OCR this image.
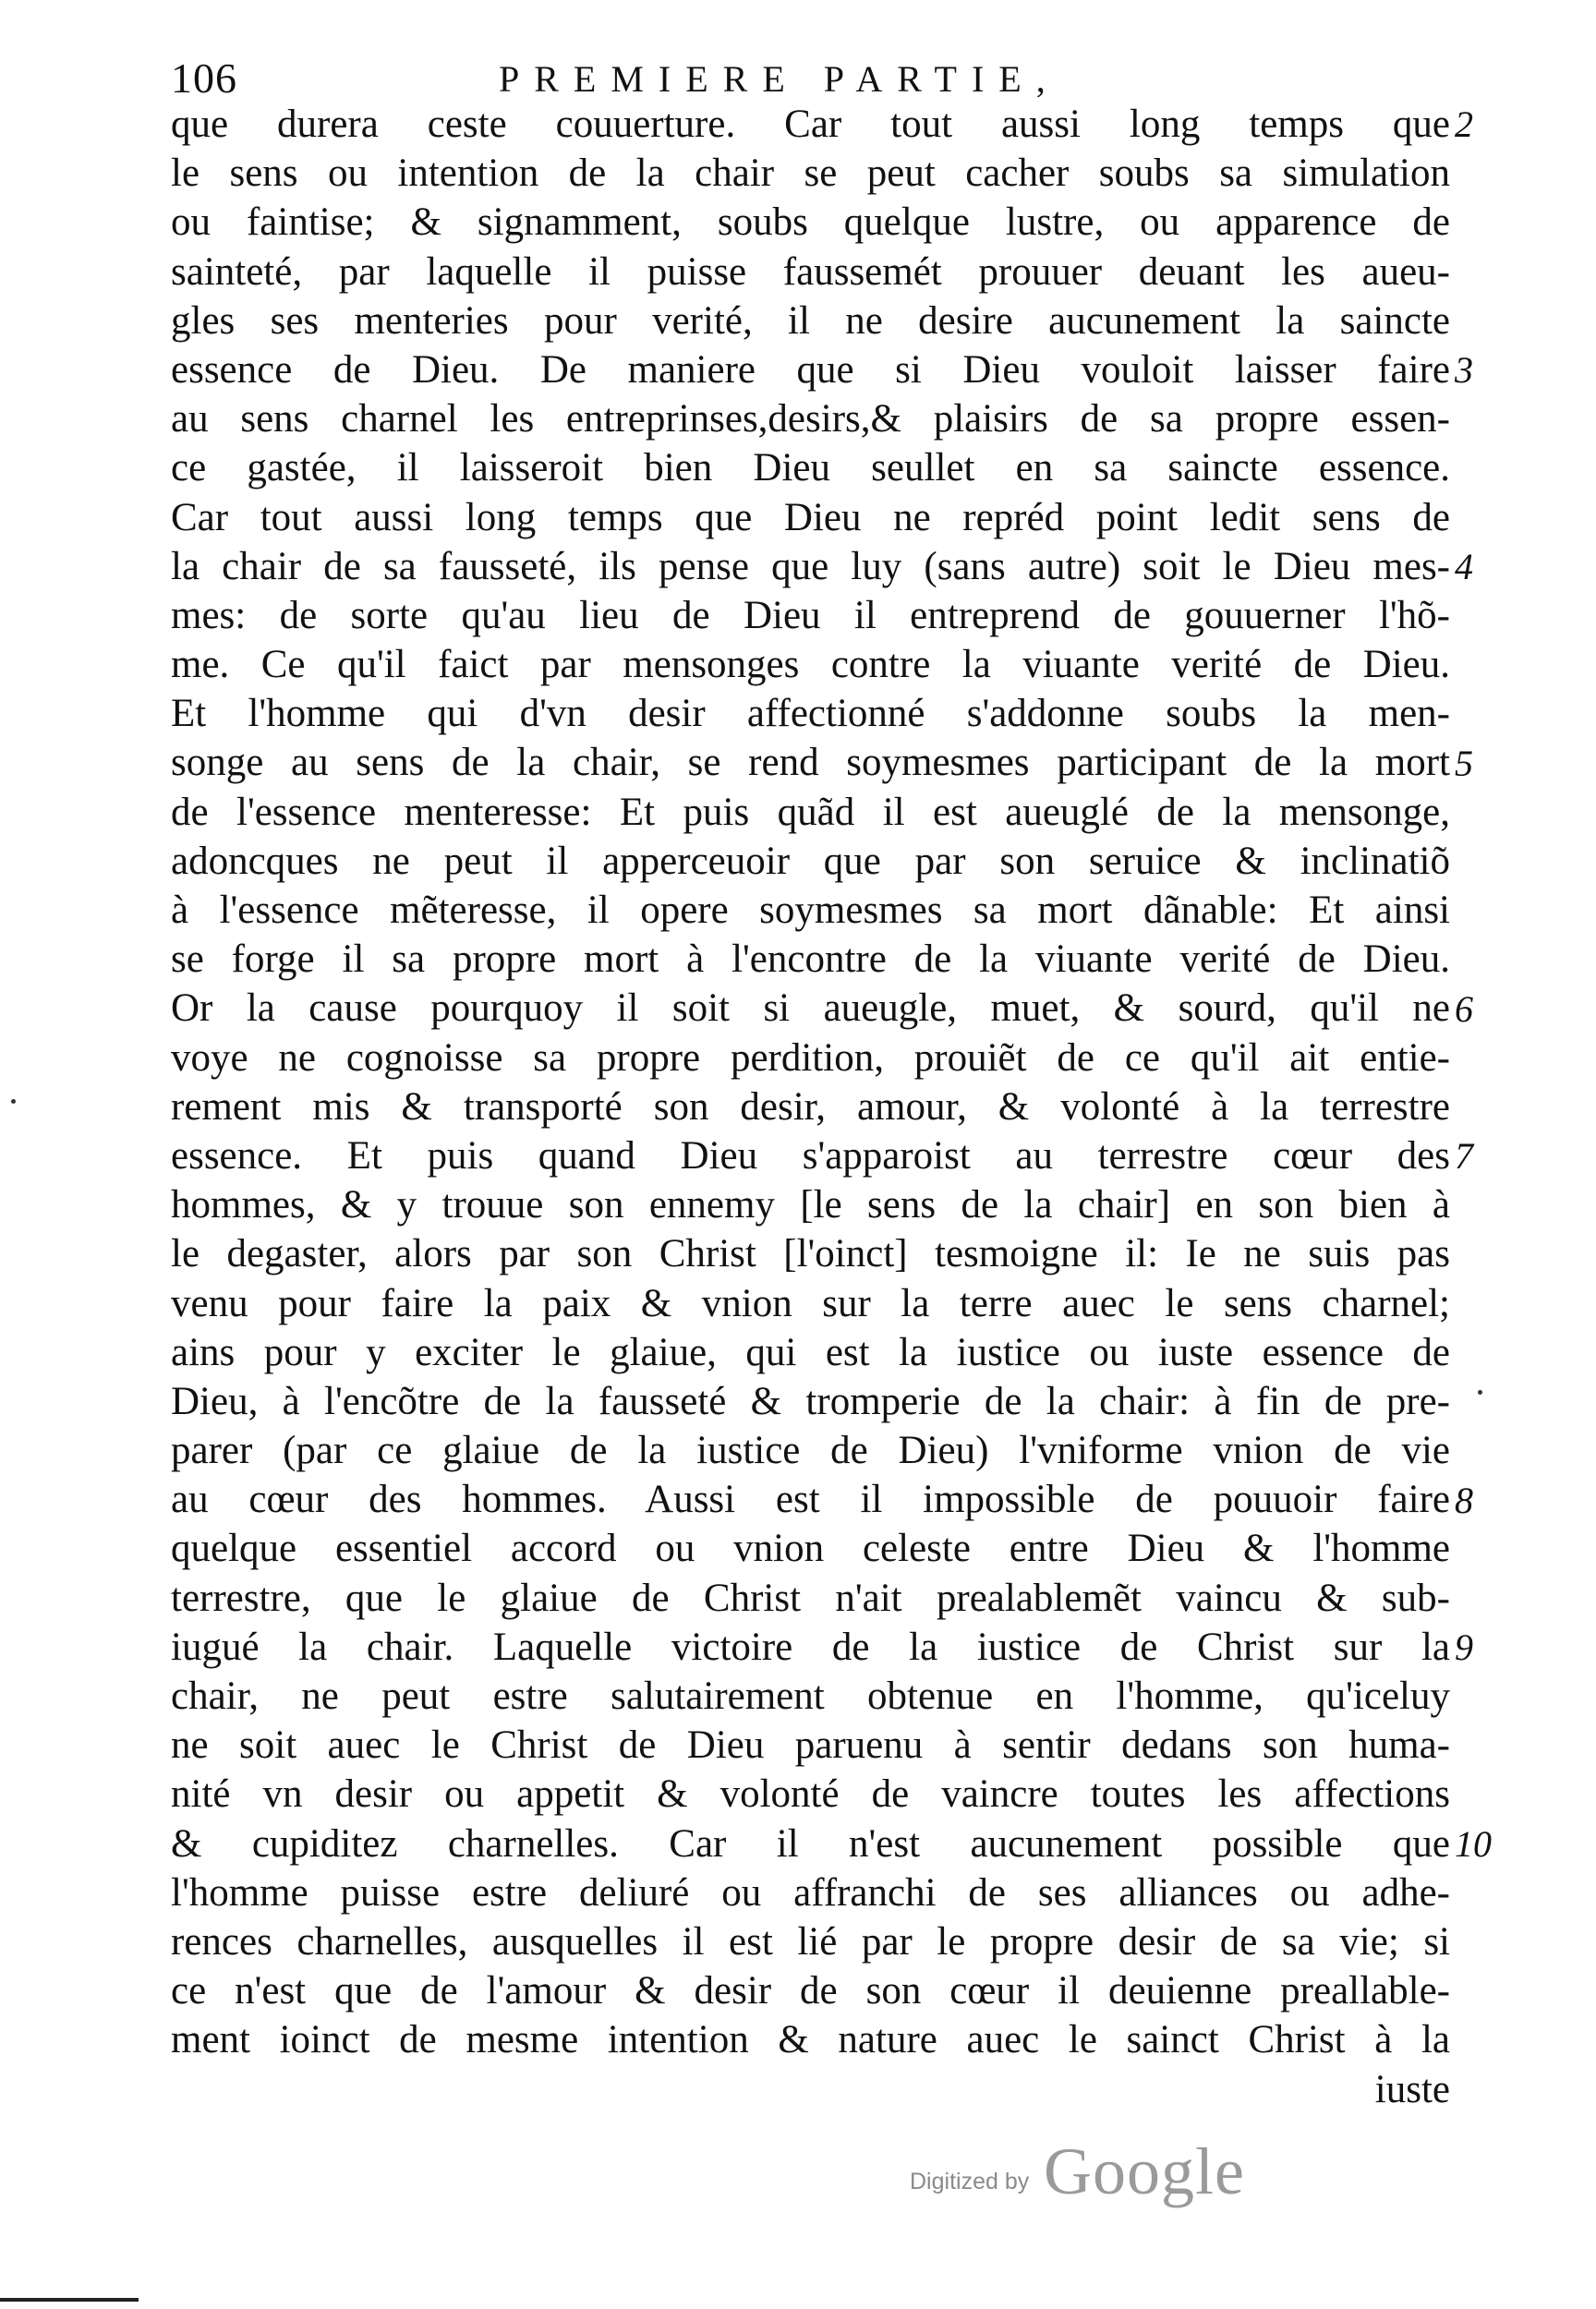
106	PREMIERE PARTIE,
que durera ceste couuerture. Car tout aussi long temps que
le sens ou intention de la chair se peut cacher soubs sa simulation
ou faintise; & signamment, soubs quelque lustre, ou apparence de
sainteté, par laquelle il puisse faussemét prouuer deuant les aueu-
gles ses menteries pour verité, il ne desire aucunement la saincte
essence de Dieu. De maniere que si Dieu vouloit laisser faire
au sens charnel les entreprinses,desirs,& plaisirs de sa propre essen-
ce gastée, il laisseroit bien Dieu seullet en sa saincte essence.
Car tout aussi long temps que Dieu ne repréd point ledit sens de
la chair de sa fausseté, ils pense que luy (sans autre) soit le Dieu mes-
mes: de sorte qu'au lieu de Dieu il entreprend de gouuerner l'hõ-
me. Ce qu'il faict par mensonges contre la viuante verité de Dieu.
Et l'homme qui d'vn desir affectionné s'addonne soubs la men-
songe au sens de la chair, se rend soymesmes participant de la mort
de l'essence menteresse: Et puis quãd il est aueuglé de la mensonge,
adoncques ne peut il apperceuoir que par son seruice & inclinatiõ
à l'essence mẽteresse, il opere soymesmes sa mort dãnable: Et ainsi
se forge il sa propre mort à l'encontre de la viuante verité de Dieu.
Or la cause pourquoy il soit si aueugle, muet, & sourd, qu'il ne
voye ne cognoisse sa propre perdition, prouiẽt de ce qu'il ait entie-
rement mis & transporté son desir, amour, & volonté à la terrestre
essence. Et puis quand Dieu s'apparoist au terrestre cœur des
hommes, & y trouue son ennemy [le sens de la chair] en son bien à
le degaster, alors par son Christ [l'oinct] tesmoigne il: Ie ne suis pas
venu pour faire la paix & vnion sur la terre auec le sens charnel;
ains pour y exciter le glaiue, qui est la iustice ou iuste essence de
Dieu, à l'encõtre de la fausseté & tromperie de la chair: à fin de pre-
parer (par ce glaiue de la iustice de Dieu) l'vniforme vnion de vie
au cœur des hommes. Aussi est il impossible de pouuoir faire
quelque essentiel accord ou vnion celeste entre Dieu & l'homme
terrestre, que le glaiue de Christ n'ait prealablemẽt vaincu & sub-
iugué la chair. Laquelle victoire de la iustice de Christ sur la
chair, ne peut estre salutairement obtenue en l'homme, qu'iceluy
ne soit auec le Christ de Dieu paruenu à sentir dedans son huma-
nité vn desir ou appetit & volonté de vaincre toutes les affections
& cupiditez charnelles. Car il n'est aucunement possible que
l'homme puisse estre deliuré ou affranchi de ses alliances ou adhe-
rences charnelles, ausquelles il est lié par le propre desir de sa vie; si
ce n'est que de l'amour & desir de son cœur il deuienne preallable-
ment ioinct de mesme intention & nature auec le sainct Christ à la
iuste
2
3
4
5
6
7
8
9
10
Digitized by Google
